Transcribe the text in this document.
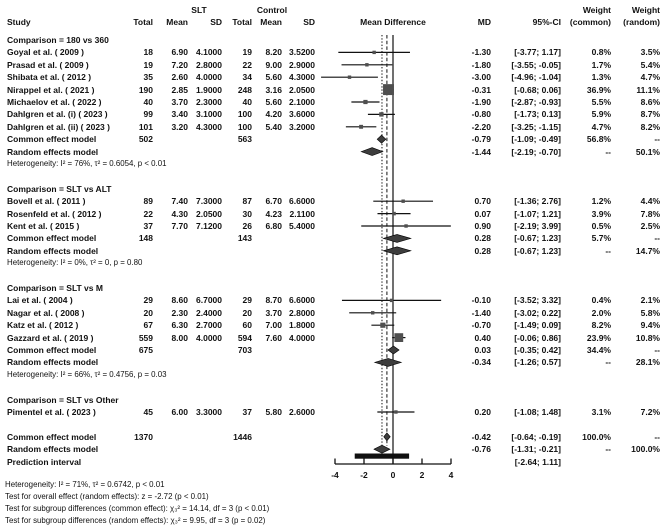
SLT	Control	Weight	Weight
Study	Total	Mean	SD	Total Mean	SD	Mean Difference	MD	95%-CI	(common)	(random)
-4	-2	0	2	4
Comparison = 180 vs 360
Goyal et al. ( 2009 )	18	6.90 4.1000	19	8.20 3.5200	-1.30	[-3.77; 1.17]	0.8%	3.5%
Prasad et al. ( 2009 )	19	7.20 2.8000	22	9.00 2.9000	-1.80	[-3.55; -0.05]	1.7%	5.4%
Shibata et al. ( 2012 )	35	2.60 4.0000	34	5.60 4.3000	-3.00	[-4.96; -1.04]	1.3%	4.7%
Nirappel et al. ( 2021 )	190	2.85 1.9000	248	3.16 2.0500	-0.31	[-0.68; 0.06]	36.9%	11.1%
Michaelov et al. ( 2022 )	40	3.70 2.3000	40	5.60 2.1000	-1.90	[-2.87; -0.93]	5.5%	8.6%
Dahlgren et al. (i) ( 2023 )	99	3.40 3.1000	100	4.20 3.6000	-0.80	[-1.73; 0.13]	5.9%	8.7%
Dahlgren et al. (ii) ( 2023 )	101	3.20 4.3000	100	5.40 3.2000	-2.20	[-3.25; -1.15]	4.7%	8.2%
Common effect model	502	563	-0.79	[-1.09; -0.49]	56.8%	--
Random effects model	-1.44	[-2.19; -0.70]	--	50.1%
Heterogeneity: I² = 76%, τ² = 0.6054, p < 0.01
Comparison = SLT vs ALT
Bovell et al. ( 2011 )	89	7.40 7.3000	87	6.70 6.6000	0.70	[-1.36; 2.76]	1.2%	4.4%
Rosenfeld et al. ( 2012 )	22	4.30 2.0500	30	4.23 2.1100	0.07	[-1.07; 1.21]	3.9%	7.8%
Kent et al. ( 2015 )	37	7.70 7.1200	26	6.80 5.4000	0.90	[-2.19; 3.99]	0.5%	2.5%
Common effect model	148	143	0.28	[-0.67; 1.23]	5.7%	--
Random effects model	0.28	[-0.67; 1.23]	--	14.7%
Heterogeneity: I² = 0%, τ² = 0, p = 0.80
Comparison = SLT vs M
Lai et al. ( 2004 )	29	8.60 6.7000	29	8.70 6.6000	-0.10	[-3.52; 3.32]	0.4%	2.1%
Nagar et al. ( 2008 )	20	2.30 2.4000	20	3.70 2.8000	-1.40	[-3.02; 0.22]	2.0%	5.8%
Katz et al. ( 2012 )	67	6.30 2.7000	60	7.00 1.8000	-0.70	[-1.49; 0.09]	8.2%	9.4%
Gazzard et al. ( 2019 )	559	8.00 4.0000	594	7.60 4.0000	0.40	[-0.06; 0.86]	23.9%	10.8%
Common effect model	675	703	0.03	[-0.35; 0.42]	34.4%	--
Random effects model	-0.34	[-1.26; 0.57]	--	28.1%
Heterogeneity: I² = 66%, τ² = 0.4756, p = 0.03
Comparison = SLT vs Other
Pimentel et al. ( 2023 )	45	6.00 3.3000	37	5.80 2.6000	0.20	[-1.08; 1.48]	3.1%	7.2%
Common effect model	1370	1446	-0.42	[-0.64; -0.19]	100.0%	--
Random effects model	-0.76	[-1.31; -0.21]	--	100.0%
Prediction interval	[-2.64; 1.11]
Heterogeneity: I² = 71%, τ² = 0.6742, p < 0.01
Test for overall effect (random effects): z = -2.72 (p < 0.01)
Test for subgroup differences (common effect): χ₃² = 14.14, df = 3 (p < 0.01)
Test for subgroup differences (random effects): χ₃² = 9.95, df = 3 (p = 0.02)
